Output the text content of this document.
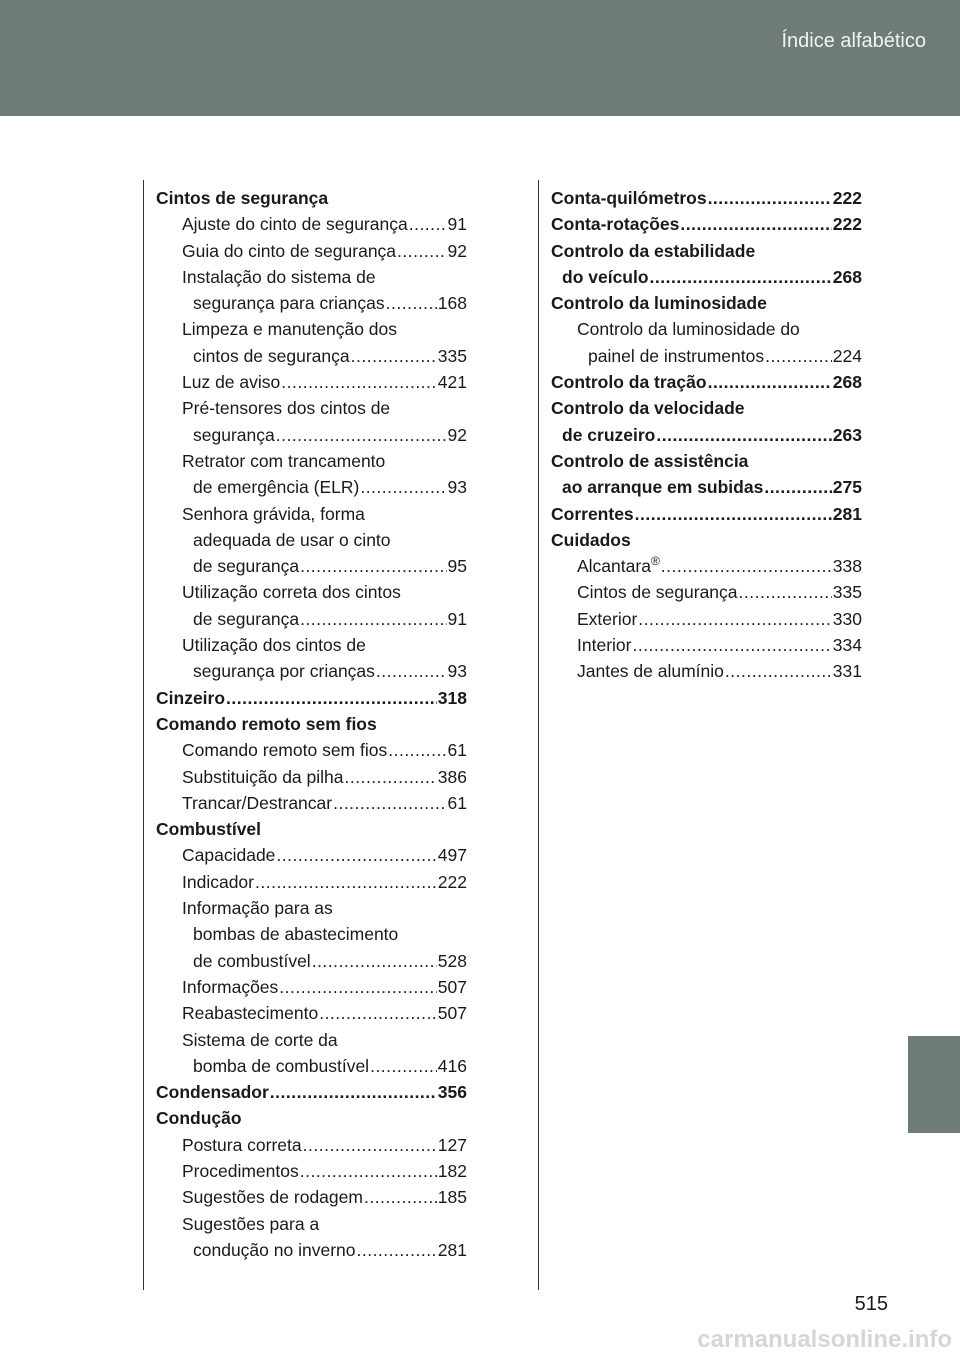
Índice alfabético
Cintos de segurança
Ajuste do cinto de segurança ..... 91
Guia do cinto de segurança .....	92
Instalação do sistema de
segurança para crianças .....	168
Limpeza e manutenção dos
cintos de segurança .....	335
Luz de aviso .....	421
Pré-tensores dos cintos de
segurança .....	92
Retrator com trancamento
de emergência (ELR) .....	93
Senhora grávida, forma
adequada de usar o cinto
de segurança .....	95
Utilização correta dos cintos
de segurança .....	91
Utilização dos cintos de
segurança por crianças .....	93
Cinzeiro .....	318
Comando remoto sem fios
Comando remoto sem fios .....	61
Substituição da pilha .....	386
Trancar/Destrancar .....	61
Combustível
Capacidade .....	497
Indicador .....	222
Informação para as
bombas de abastecimento
de combustível .....	528
Informações .....	507
Reabastecimento .....	507
Sistema de corte da
bomba de combustível .....	416
Condensador .....	356
Condução
Postura correta .....	127
Procedimentos .....	182
Sugestões de rodagem .....	185
Sugestões para a
condução no inverno .....	281
Conta-quilómetros .....	222
Conta-rotações .....	222
Controlo da estabilidade
do veículo .....	268
Controlo da luminosidade
Controlo da luminosidade do
painel de instrumentos .....	224
Controlo da tração .....	268
Controlo da velocidade
de cruzeiro .....	263
Controlo de assistência
ao arranque em subidas .....	275
Correntes .....	281
Cuidados
Alcantara® .....	338
Cintos de segurança .....	335
Exterior .....	330
Interior .....	334
Jantes de alumínio .....	331
515
carmanualsonline.info
